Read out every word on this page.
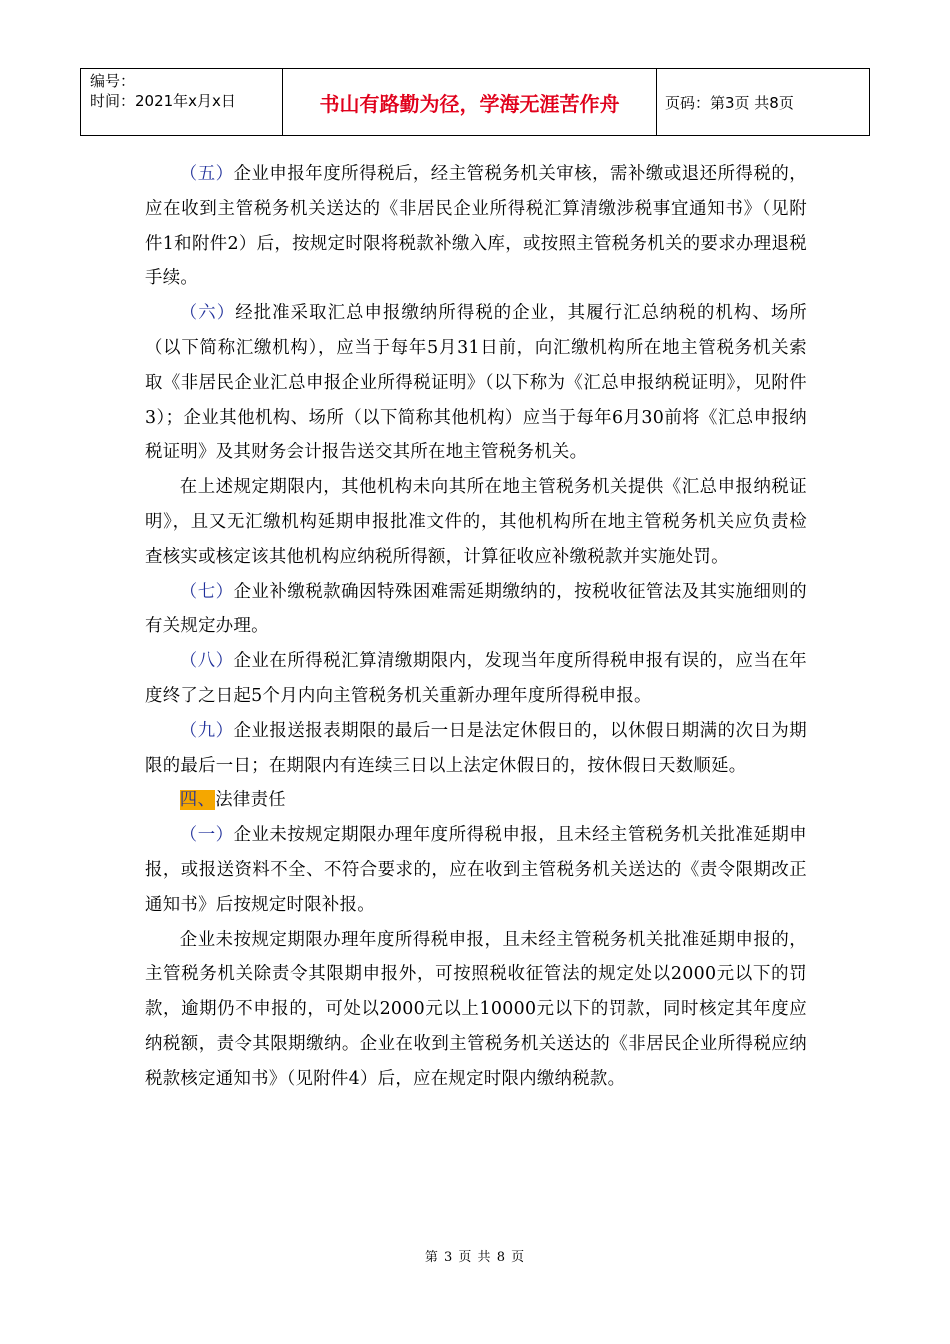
编号：
时间：2021年x月x日	书山有路勤为径，学海无涯苦作舟	页码：第3页 共8页

（五）企业申报年度所得税后，经主管税务机关审核，需补缴或退还所得税的，应在收到主管税务机关送达的《非居民企业所得税汇算清缴涉税事宜通知书》（见附件1和附件2）后，按规定时限将税款补缴入库，或按照主管税务机关的要求办理退税手续。

（六）经批准采取汇总申报缴纳所得税的企业，其履行汇总纳税的机构、场所（以下简称汇缴机构），应当于每年5月31日前，向汇缴机构所在地主管税务机关索取《非居民企业汇总申报企业所得税证明》（以下称为《汇总申报纳税证明》，见附件3）；企业其他机构、场所（以下简称其他机构）应当于每年6月30前将《汇总申报纳税证明》及其财务会计报告送交其所在地主管税务机关。

在上述规定期限内，其他机构未向其所在地主管税务机关提供《汇总申报纳税证明》，且又无汇缴机构延期申报批准文件的，其他机构所在地主管税务机关应负责检查核实或核定该其他机构应纳税所得额，计算征收应补缴税款并实施处罚。

（七）企业补缴税款确因特殊困难需延期缴纳的，按税收征管法及其实施细则的有关规定办理。

（八）企业在所得税汇算清缴期限内，发现当年度所得税申报有误的，应当在年度终了之日起5个月内向主管税务机关重新办理年度所得税申报。

（九）企业报送报表期限的最后一日是法定休假日的，以休假日期满的次日为期限的最后一日；在期限内有连续三日以上法定休假日的，按休假日天数顺延。

四、法律责任

（一）企业未按规定期限办理年度所得税申报，且未经主管税务机关批准延期申报，或报送资料不全、不符合要求的，应在收到主管税务机关送达的《责令限期改正通知书》后按规定时限补报。

企业未按规定期限办理年度所得税申报，且未经主管税务机关批准延期申报的，主管税务机关除责令其限期申报外，可按照税收征管法的规定处以2000元以下的罚款，逾期仍不申报的，可处以2000元以上10000元以下的罚款，同时核定其年度应纳税额，责令其限期缴纳。企业在收到主管税务机关送达的《非居民企业所得税应纳税款核定通知书》（见附件4）后，应在规定时限内缴纳税款。

第 3 页 共 8 页
